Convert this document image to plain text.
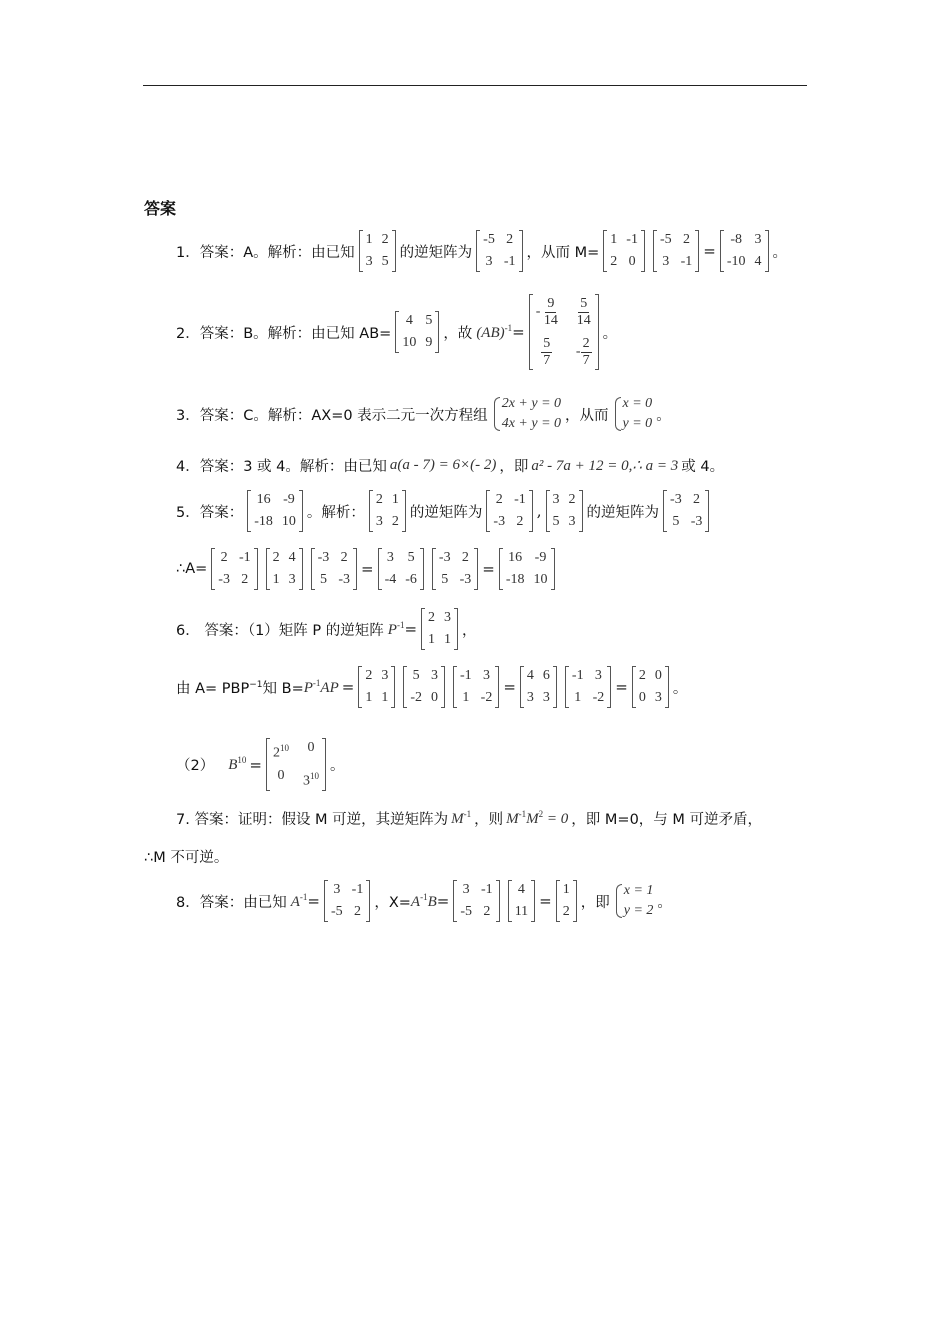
答案
1．答案：A。解析：由已知
1 2
3 5
的逆矩阵为
-5 2
3 -1
，从而 M=
1 -1
2 0
-5 2
3 -1
=
-8 3
-10 4
。
2．答案：B。解析：由已知 AB=
4 5
10 9
，故 (AB)$^{-1}$ =
-
$\frac{9}{14} \frac{5}{14}$
$\frac{5}{7} - \frac{2}{7}$
。
3．答案：C。解析：AX=0 表示二元一次方程组
2x + y = 0
4x + y = 0 ，从而
x = 0
y = 0 。
4．答案：3 或 4。解析：由已知 a(a - 7) = 6×(- 2) ，即 a² - 7a + 12 = 0,∴ a = 3 或 4。
5．答案：
16 -9
-18 10
。解析：
2 1
3 2
的逆矩阵为
2 -1
-3 2
,
3 2
5 3
的逆矩阵为
-3 2
5 -3
∴A=
2 -1
-3 2
2 4
1 3
-3 2
5 -3
=
3 5
-4 -6
-3 2
5 -3
=
16 -9
-18 10
6． 答案：（1）矩阵 P 的逆矩阵 $P^{-1}$ =
2 3
1 1
，
由 $A= PBP^{-1}$ 知 $B= P^{-1}AP$ =
2 3
1 1
5 3
-2 0
-1 3
1 -2
=
4 6
3 3
-1 3
1 -2
=
2 0
0 3
。
（2） $B^{10}$ =
$2^{10}$	0
0	$3^{10}$
。
7. 答案：证明：假设 M 可逆，其逆矩阵为 $M^{-1}$ ，则 $M^{-1}M^2 = 0$ ，即 M=0，与 M 可逆矛盾，
∴M 不可逆。
8．答案：由已知 $A^{-1}$ =
3 -1
-5 2
，$X= A^{-1}B$ =
3 -1
-5 2
4
11
=
1
2
，即
x = 1
y = 2 。
